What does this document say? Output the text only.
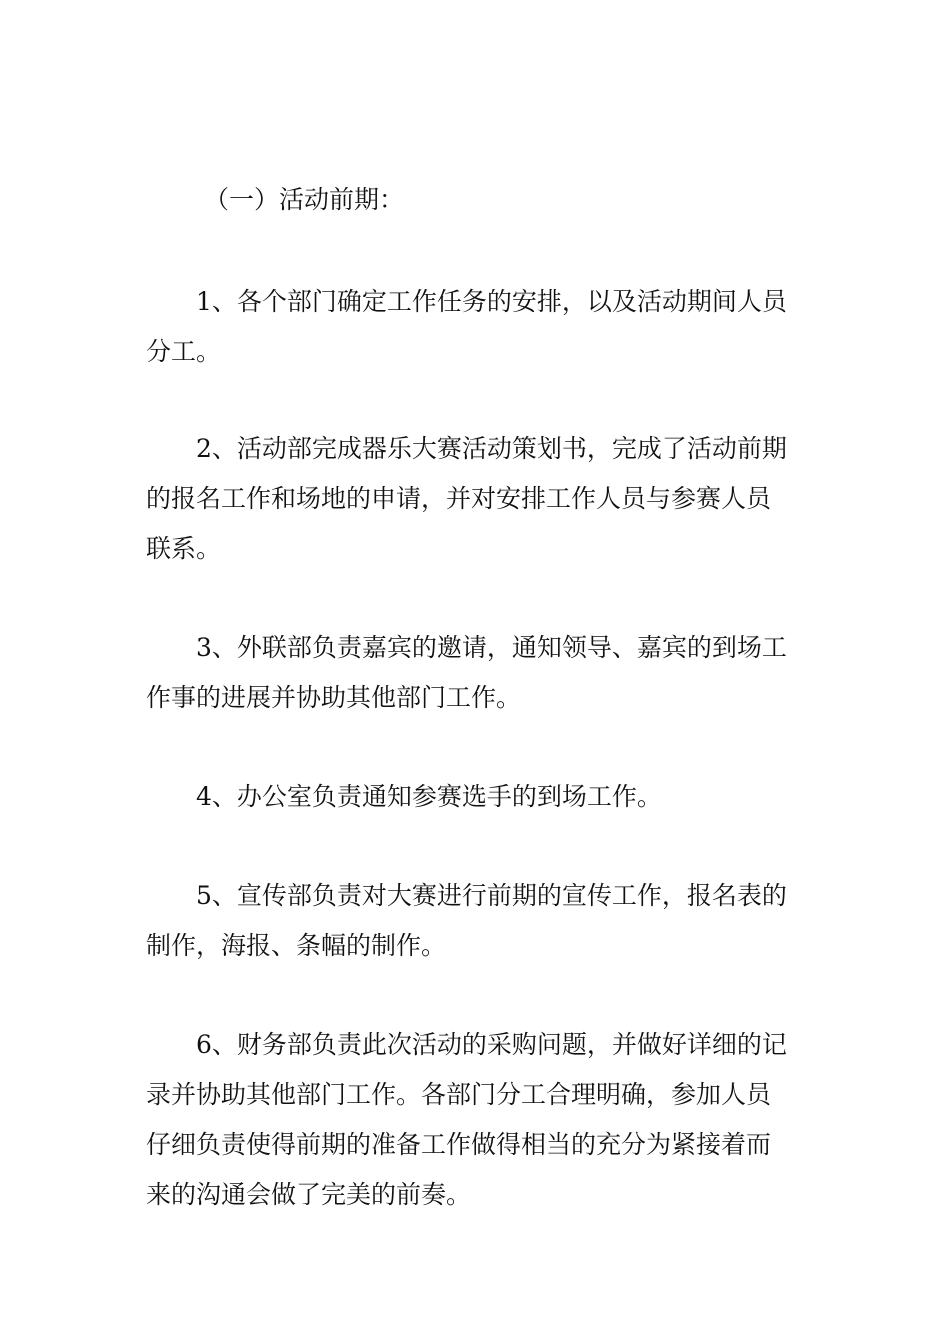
（一）活动前期：
1、各个部门确定工作任务的安排，以及活动期间人员
分工。
2、活动部完成器乐大赛活动策划书，完成了活动前期
的报名工作和场地的申请，并对安排工作人员与参赛人员
联系。
3、外联部负责嘉宾的邀请，通知领导、嘉宾的到场工
作事的进展并协助其他部门工作。
4、办公室负责通知参赛选手的到场工作。
5、宣传部负责对大赛进行前期的宣传工作，报名表的
制作，海报、条幅的制作。
6、财务部负责此次活动的采购问题，并做好详细的记
录并协助其他部门工作。各部门分工合理明确，参加人员
仔细负责使得前期的准备工作做得相当的充分为紧接着而
来的沟通会做了完美的前奏。
